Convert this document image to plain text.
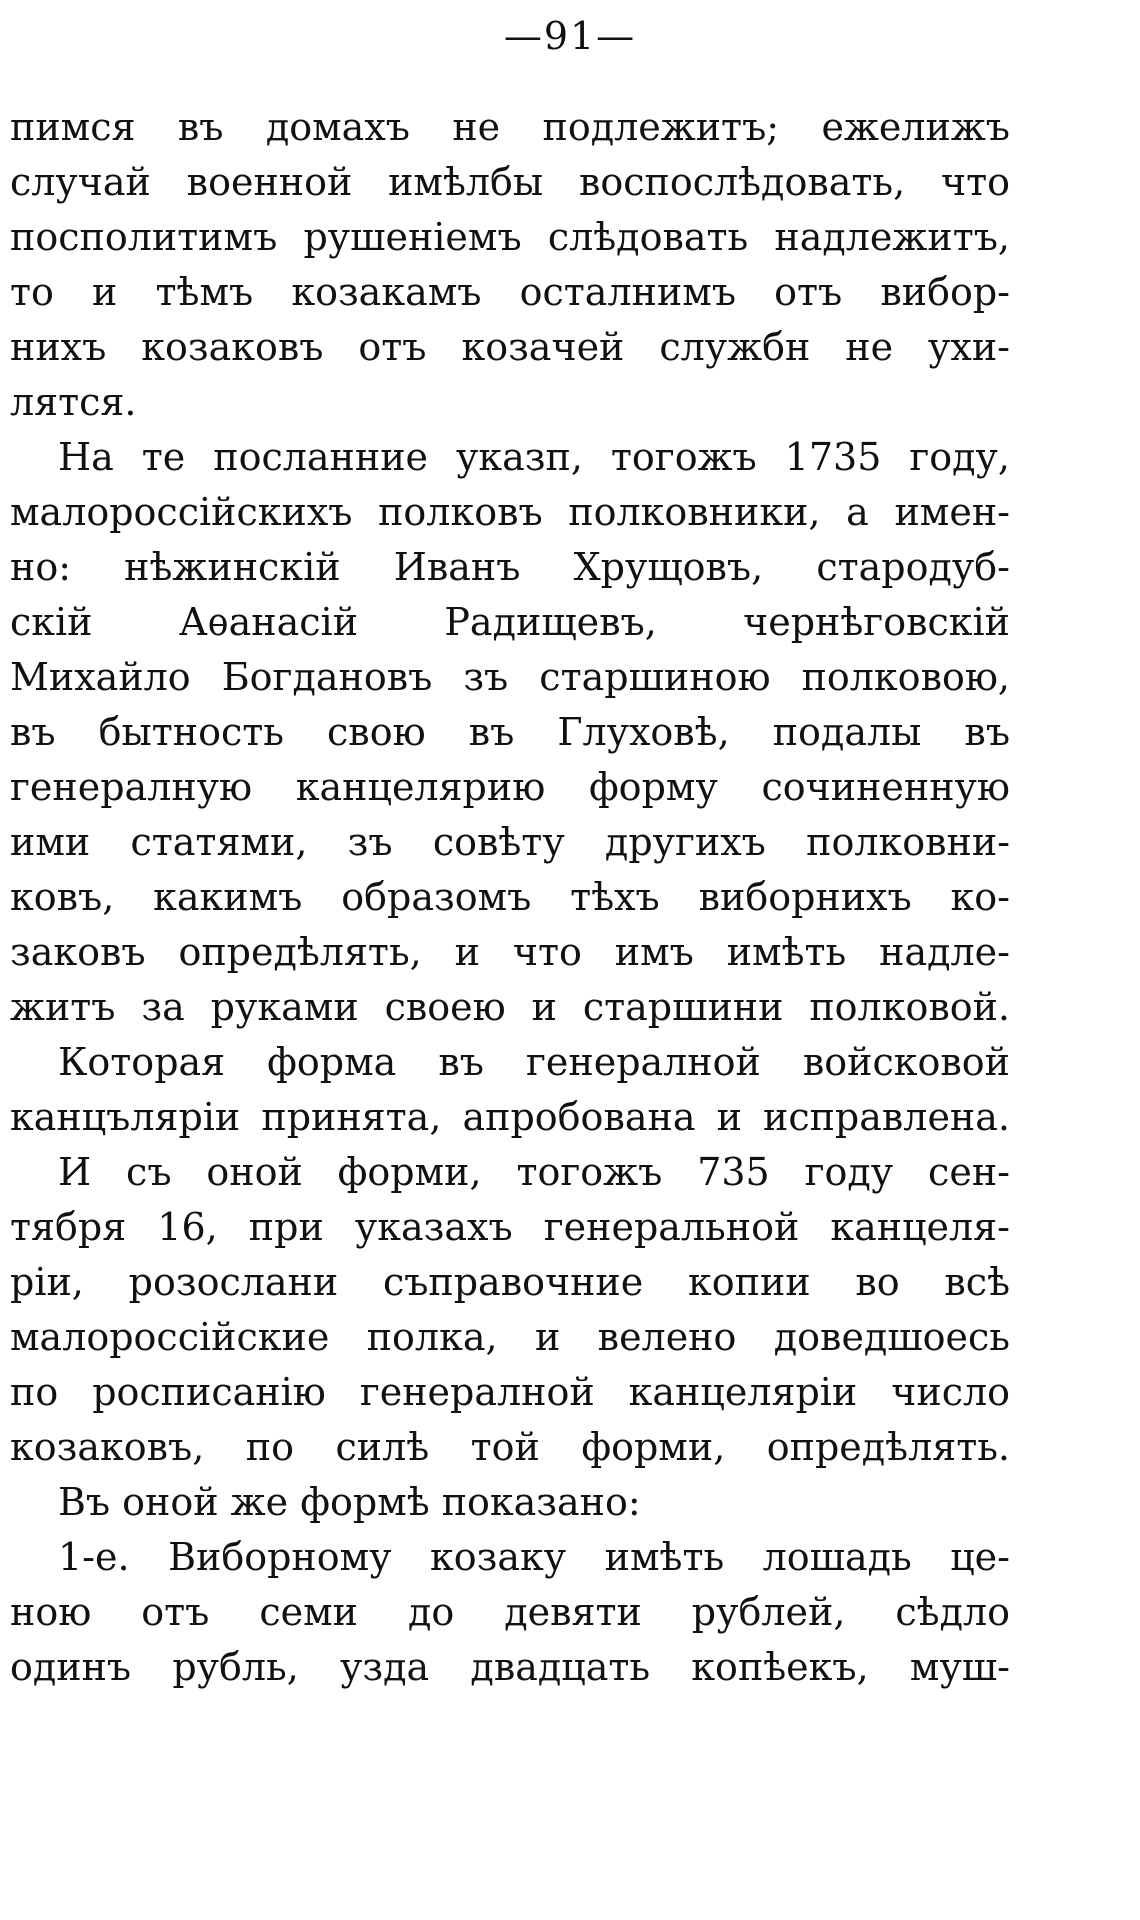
—91—
пимся въ домахъ не подлежитъ; ежелижъ
случай военной имѣлбы воспослѣдовать, что
посполитимъ рушеніемъ слѣдовать надлежитъ,
то и тѣмъ козакамъ осталнимъ отъ вибор-
нихъ козаковъ отъ козачей службн не ухи-
лятся.
На те посланние указп, тогожъ 1735 году,
малороссійскихъ полковъ полковники, а имен-
но: нѣжинскій Иванъ Хрущовъ, стародуб-
скій Аѳанасій Радищевъ, чернѣговскій
Михайло Богдановъ зъ старшиною полковою,
въ бытность свою въ Глуховѣ, подалы въ
генералную канцелярию форму сочиненную
ими статями, зъ совѣту другихъ полковни-
ковъ, какимъ образомъ тѣхъ виборнихъ ко-
заковъ опредѣлять, и что имъ имѣть надле-
житъ за руками своею и старшини полковой.
Которая форма въ генералной войсковой
канцъляріи принята, апробована и исправлена.
И съ оной форми, тогожъ 735 году сен-
тября 16, при указахъ генеральной канцеля-
ріи, розослани съправочние копии во всѣ
малороссійские полка, и велено доведшоесь
по росписанію генералной канцеляріи число
козаковъ, по силѣ той форми, опредѣлять.
Въ оной же формѣ показано:
1-е. Виборному козаку имѣть лошадь це-
ною отъ семи до девяти рублей, сѣдло
одинъ рубль, узда двадцать копѣекъ, муш-
